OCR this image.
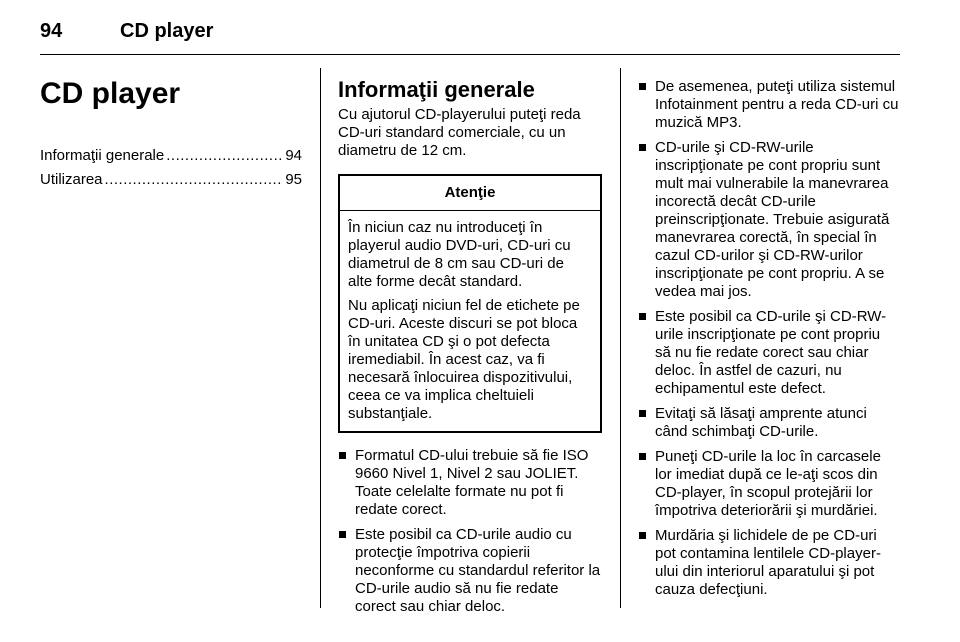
94	CD player
CD player
Informaţii generale .....	94
Utilizarea .....	95
Informaţii generale

Cu ajutorul CD-playerului puteţi reda CD-uri standard comerciale, cu un diametru de 12 cm.

Atenţie

În niciun caz nu introduceţi în playerul audio DVD-uri, CD-uri cu diametrul de 8 cm sau CD-uri de alte forme decât standard.

Nu aplicaţi niciun fel de etichete pe CD-uri. Aceste discuri se pot bloca în unitatea CD şi o pot defecta iremediabil. În acest caz, va fi necesară înlocuirea dispozitivului, ceea ce va implica cheltuieli substanţiale.

Formatul CD-ului trebuie să fie ISO 9660 Nivel 1, Nivel 2 sau JOLIET. Toate celelalte formate nu pot fi redate corect.
Este posibil ca CD-urile audio cu protecţie împotriva copierii neconforme cu standardul referitor la CD-urile audio să nu fie redate corect sau chiar deloc.
De asemenea, puteţi utiliza sistemul Infotainment pentru a reda CD-uri cu muzică MP3.
CD-urile şi CD-RW-urile inscripţionate pe cont propriu sunt mult mai vulnerabile la manevrarea incorectă decât CD-urile preinscripţionate. Trebuie asigurată manevrarea corectă, în special în cazul CD-urilor şi CD-RW-urilor inscripţionate pe cont propriu. A se vedea mai jos.
Este posibil ca CD-urile şi CD-RW-urile inscripţionate pe cont propriu să nu fie redate corect sau chiar deloc. În astfel de cazuri, nu echipamentul este defect.
Evitaţi să lăsaţi amprente atunci când schimbaţi CD-urile.
Puneţi CD-urile la loc în carcasele lor imediat după ce le-aţi scos din CD-player, în scopul protejării lor împotriva deteriorării şi murdăriei.
Murdăria şi lichidele de pe CD-uri pot contamina lentilele CD-player-ului din interiorul aparatului şi pot cauza defecţiuni.
